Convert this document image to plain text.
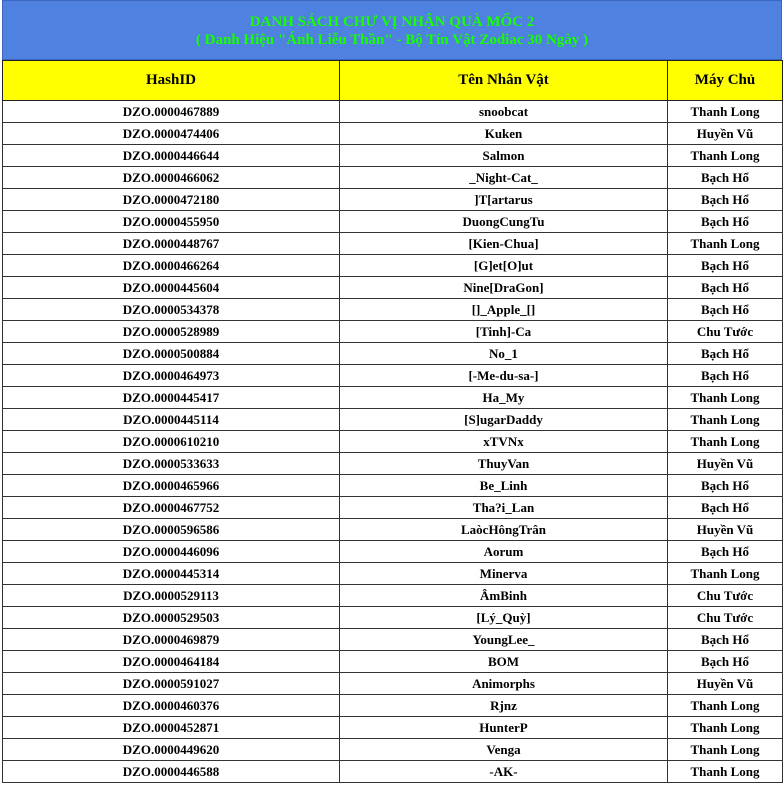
DANH SÁCH CHƯ VỊ NHẬN QUÀ MỐC 2
( Danh Hiệu "Ánh Liễu Thần" - Bộ Tín Vật Zodiac 30 Ngày )
HashID	Tên Nhân Vật	Máy Chủ
DZO.0000467889	snoobcat	Thanh Long
DZO.0000474406	Kuken	Huyền Vũ
DZO.0000446644	Salmon	Thanh Long
DZO.0000466062	_Night-Cat_	Bạch Hổ
DZO.0000472180	]T[artarus	Bạch Hổ
DZO.0000455950	DuongCungTu	Bạch Hổ
DZO.0000448767	[Kien-Chua]	Thanh Long
DZO.0000466264	[G]et[O]ut	Bạch Hổ
DZO.0000445604	Nine[DraGon]	Bạch Hổ
DZO.0000534378	[]_Apple_[]	Bạch Hổ
DZO.0000528989	[Tinh]-Ca	Chu Tước
DZO.0000500884	No_1	Bạch Hổ
DZO.0000464973	[-Me-du-sa-]	Bạch Hổ
DZO.0000445417	Ha_My	Thanh Long
DZO.0000445114	[S]ugarDaddy	Thanh Long
DZO.0000610210	xTVNx	Thanh Long
DZO.0000533633	ThuyVan	Huyền Vũ
DZO.0000465966	Be_Linh	Bạch Hổ
DZO.0000467752	Tha?i_Lan	Bạch Hổ
DZO.0000596586	LaòcHôngTrân	Huyền Vũ
DZO.0000446096	Aorum	Bạch Hổ
DZO.0000445314	Minerva	Thanh Long
DZO.0000529113	ÂmBinh	Chu Tước
DZO.0000529503	[Lý_Quỳ]	Chu Tước
DZO.0000469879	YoungLee_	Bạch Hổ
DZO.0000464184	BOM	Bạch Hổ
DZO.0000591027	Animorphs	Huyền Vũ
DZO.0000460376	Rjnz	Thanh Long
DZO.0000452871	HunterP	Thanh Long
DZO.0000449620	Venga	Thanh Long
DZO.0000446588	-AK-	Thanh Long
